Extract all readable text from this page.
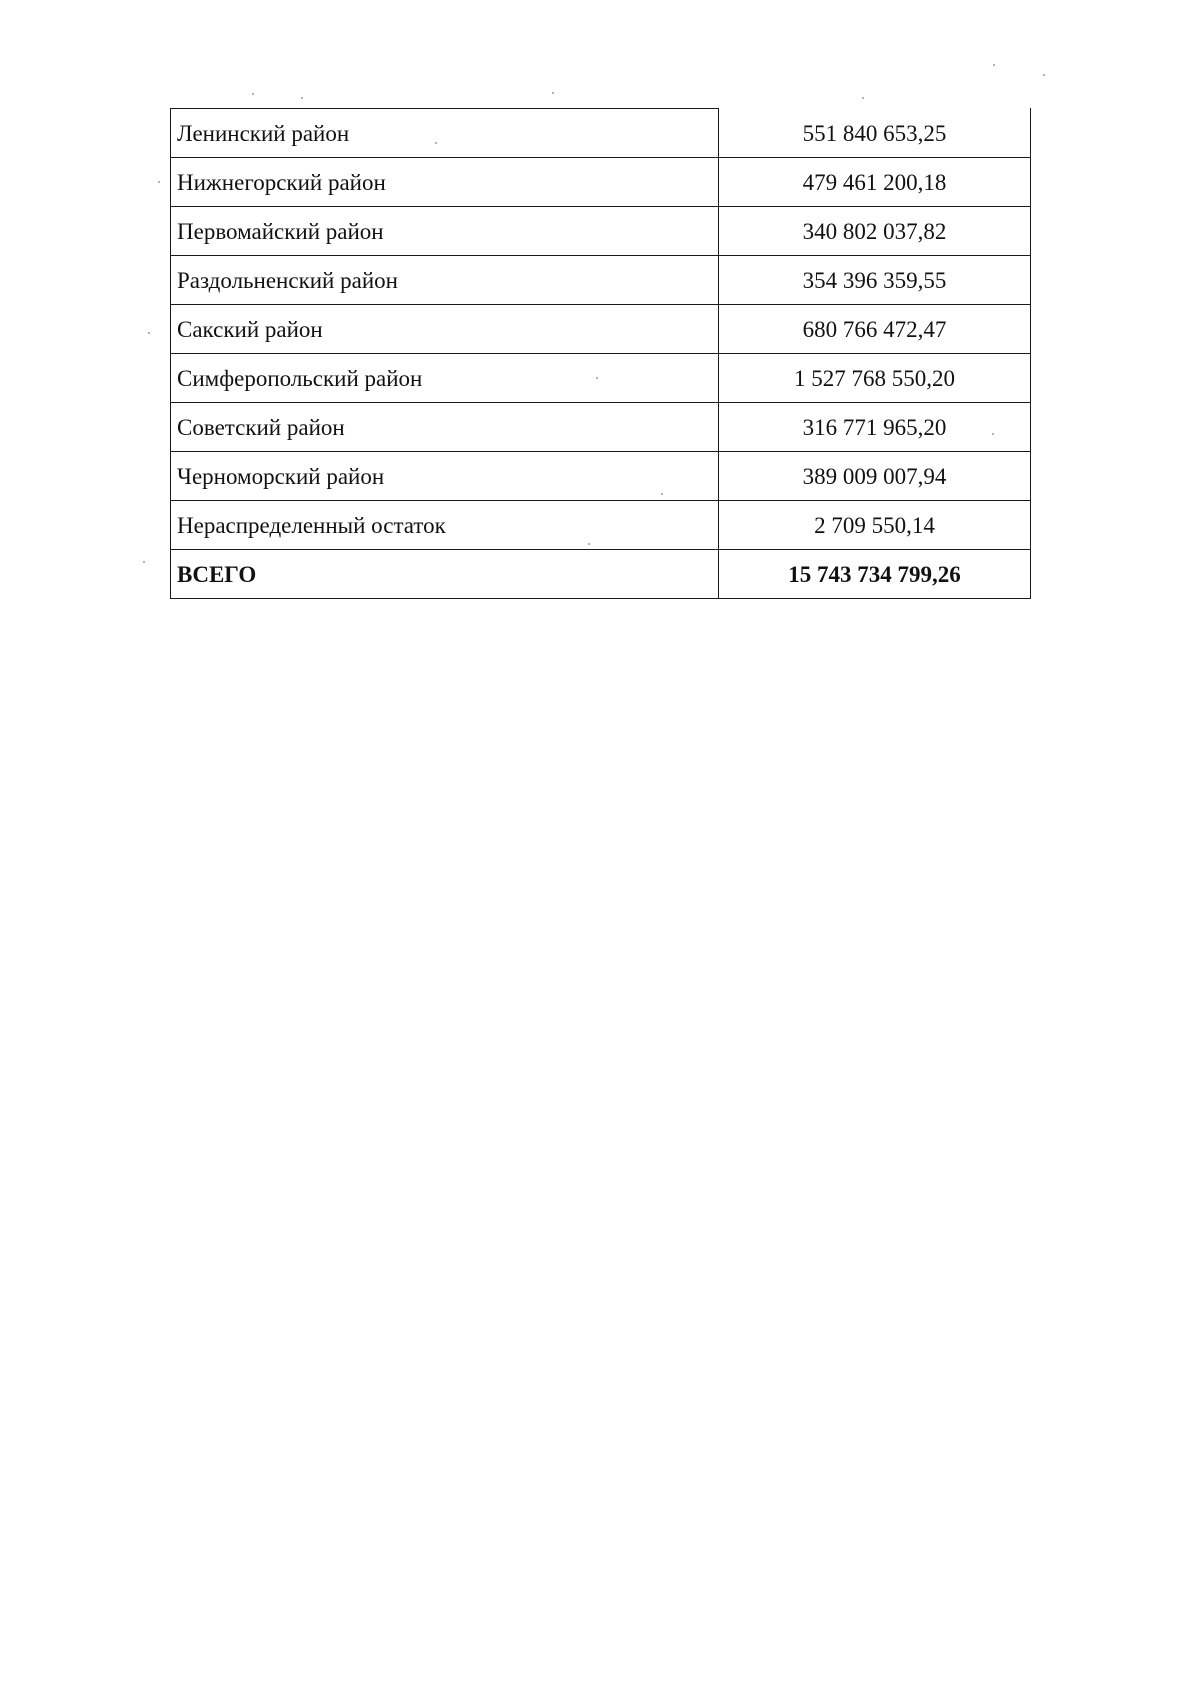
Ленинский район	551 840 653,25
Нижнегорский район	479 461 200,18
Первомайский район	340 802 037,82
Раздольненский район	354 396 359,55
Сакский район	680 766 472,47
Симферопольский район	1 527 768 550,20
Советский район	316 771 965,20
Черноморский район	389 009 007,94
Нераспределенный остаток	2 709 550,14
ВСЕГО	15 743 734 799,26
